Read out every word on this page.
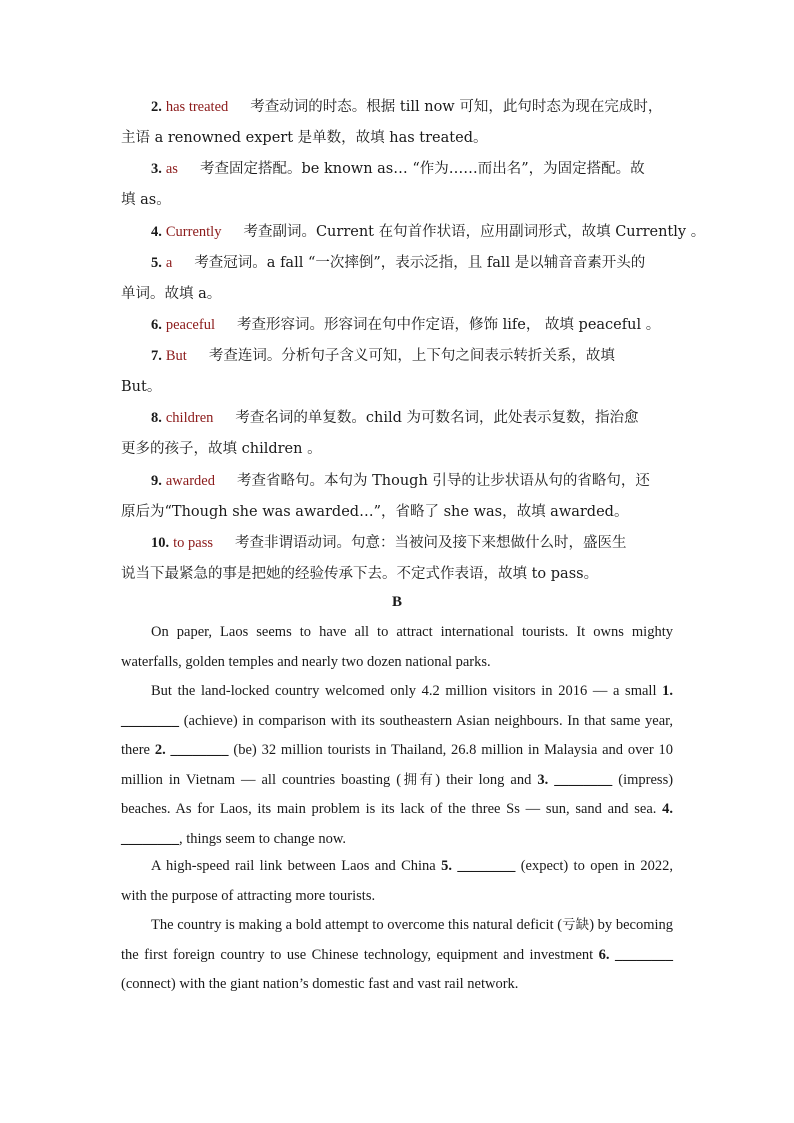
2. has treated 考查动词的时态。根据 till now 可知，此句时态为现在完成时，
主语 a renowned expert 是单数，故填 has treated。
3. as 考查固定搭配。be known as… “作为……而出名”，为固定搭配。故
填 as。
4. Currently 考查副词。Current 在句首作状语，应用副词形式，故填 Currently 。
5. a 考查冠词。a fall “一次摔倒”，表示泛指，且 fall 是以辅音音素开头的
单词。故填 a。
6. peaceful 考查形容词。形容词在句中作定语，修饰 life， 故填 peaceful 。
7. But 考查连词。分析句子含义可知，上下句之间表示转折关系，故填
But。
8. children 考查名词的单复数。child 为可数名词，此处表示复数，指治愈
更多的孩子，故填 children 。
9. awarded 考查省略句。本句为 Though 引导的让步状语从句的省略句，还
原后为“Though she was awarded…”，省略了 she was，故填 awarded。
10. to pass 考查非谓语动词。句意：当被问及接下来想做什么时，盛医生
说当下最紧急的事是把她的经验传承下去。不定式作表语，故填 to pass。
B
On paper, Laos seems to have all to attract international tourists. It owns mighty waterfalls, golden temples and nearly two dozen national parks.
But the land‐locked country welcomed only 4.2 million visitors in 2016 — a small 1. ________ (achieve) in comparison with its southeastern Asian neighbours. In that same year, there 2. ________ (be) 32 million tourists in Thailand, 26.8 million in Malaysia and over 10 million in Vietnam — all countries boasting (拥有) their long and 3. ________ (impress) beaches. As for Laos, its main problem is its lack of the three Ss — sun, sand and sea. 4. ________, things seem to change now.
A high‐speed rail link between Laos and China 5. ________ (expect) to open in 2022, with the purpose of attracting more tourists.
The country is making a bold attempt to overcome this natural deficit (亏缺) by becoming the first foreign country to use Chinese technology, equipment and investment 6. ________ (connect) with the giant nation’s domestic fast and vast rail network.
